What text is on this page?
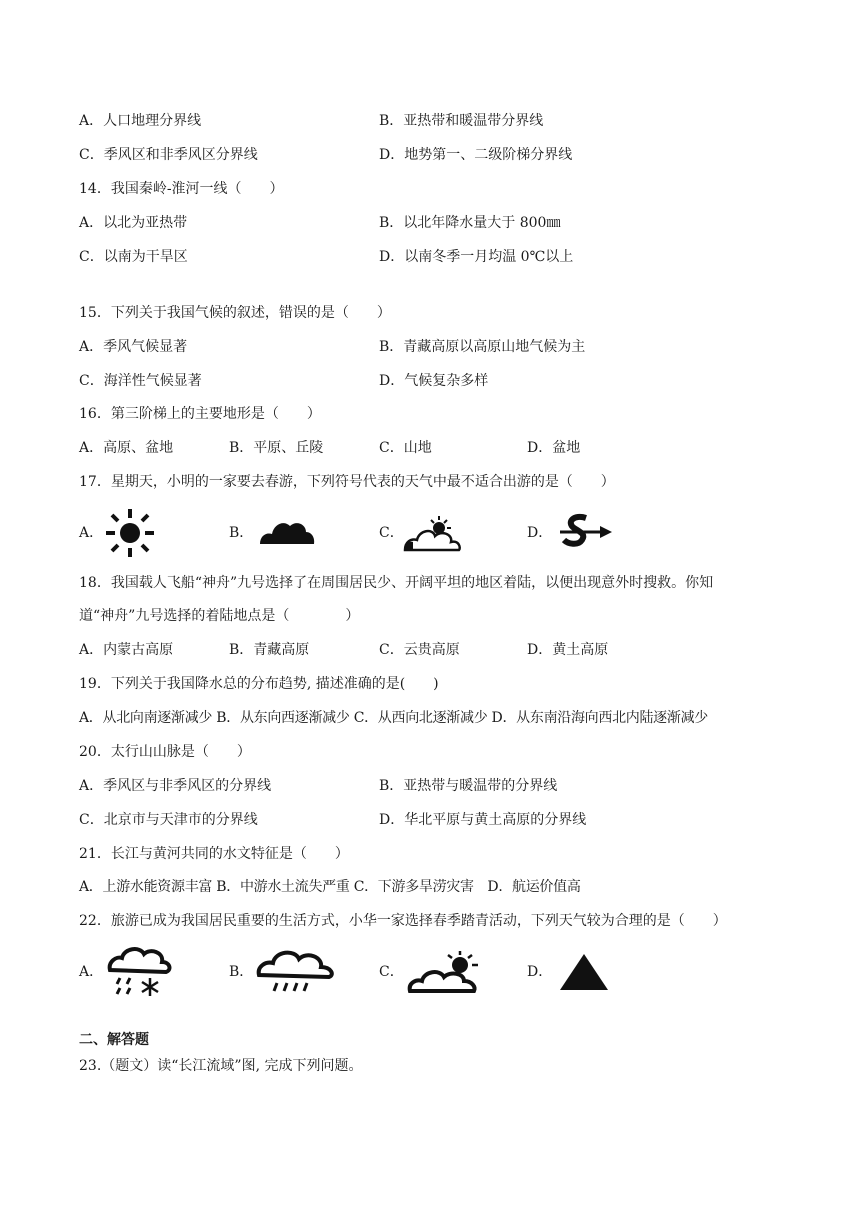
A．人口地理分界线	B．亚热带和暖温带分界线
C．季风区和非季风区分界线	D．地势第一、二级阶梯分界线
14．我国秦岭-淮河一线（　　）
A．以北为亚热带	B．以北年降水量大于 800㎜
C．以南为干旱区	D．以南冬季一月均温 0℃以上
15．下列关于我国气候的叙述，错误的是（　　）
A．季风气候显著	B．青藏高原以高原山地气候为主
C．海洋性气候显著	D．气候复杂多样
16．第三阶梯上的主要地形是（　　）
A．高原、盆地	B．平原、丘陵	C．山地	D．盆地
17．星期天，小明的一家要去春游，下列符号代表的天气中最不适合出游的是（　　）
A．	B．	C．	D．
18．我国载人飞船“神舟”九号选择了在周围居民少、开阔平坦的地区着陆，以便出现意外时搜救。你知
道“神舟”九号选择的着陆地点是（　　　　）
A．内蒙古高原	B．青藏高原	C．云贵高原	D．黄土高原
19．下列关于我国降水总的分布趋势, 描述准确的是(　　)
A．从北向南逐渐减少 B．从东向西逐渐减少 C．从西向北逐渐减少 D．从东南沿海向西北内陆逐渐减少
20．太行山山脉是（　　）
A．季风区与非季风区的分界线	B．亚热带与暖温带的分界线
C．北京市与天津市的分界线	D．华北平原与黄土高原的分界线
21．长江与黄河共同的水文特征是（　　）
A．上游水能资源丰富 B．中游水土流失严重 C．下游多旱涝灾害　D．航运价值高
22．旅游已成为我国居民重要的生活方式，小华一家选择春季踏青活动，下列天气较为合理的是（　　）
A．	B．	C．	D．
二、解答题
23.（题文）读“长江流域”图, 完成下列问题。
